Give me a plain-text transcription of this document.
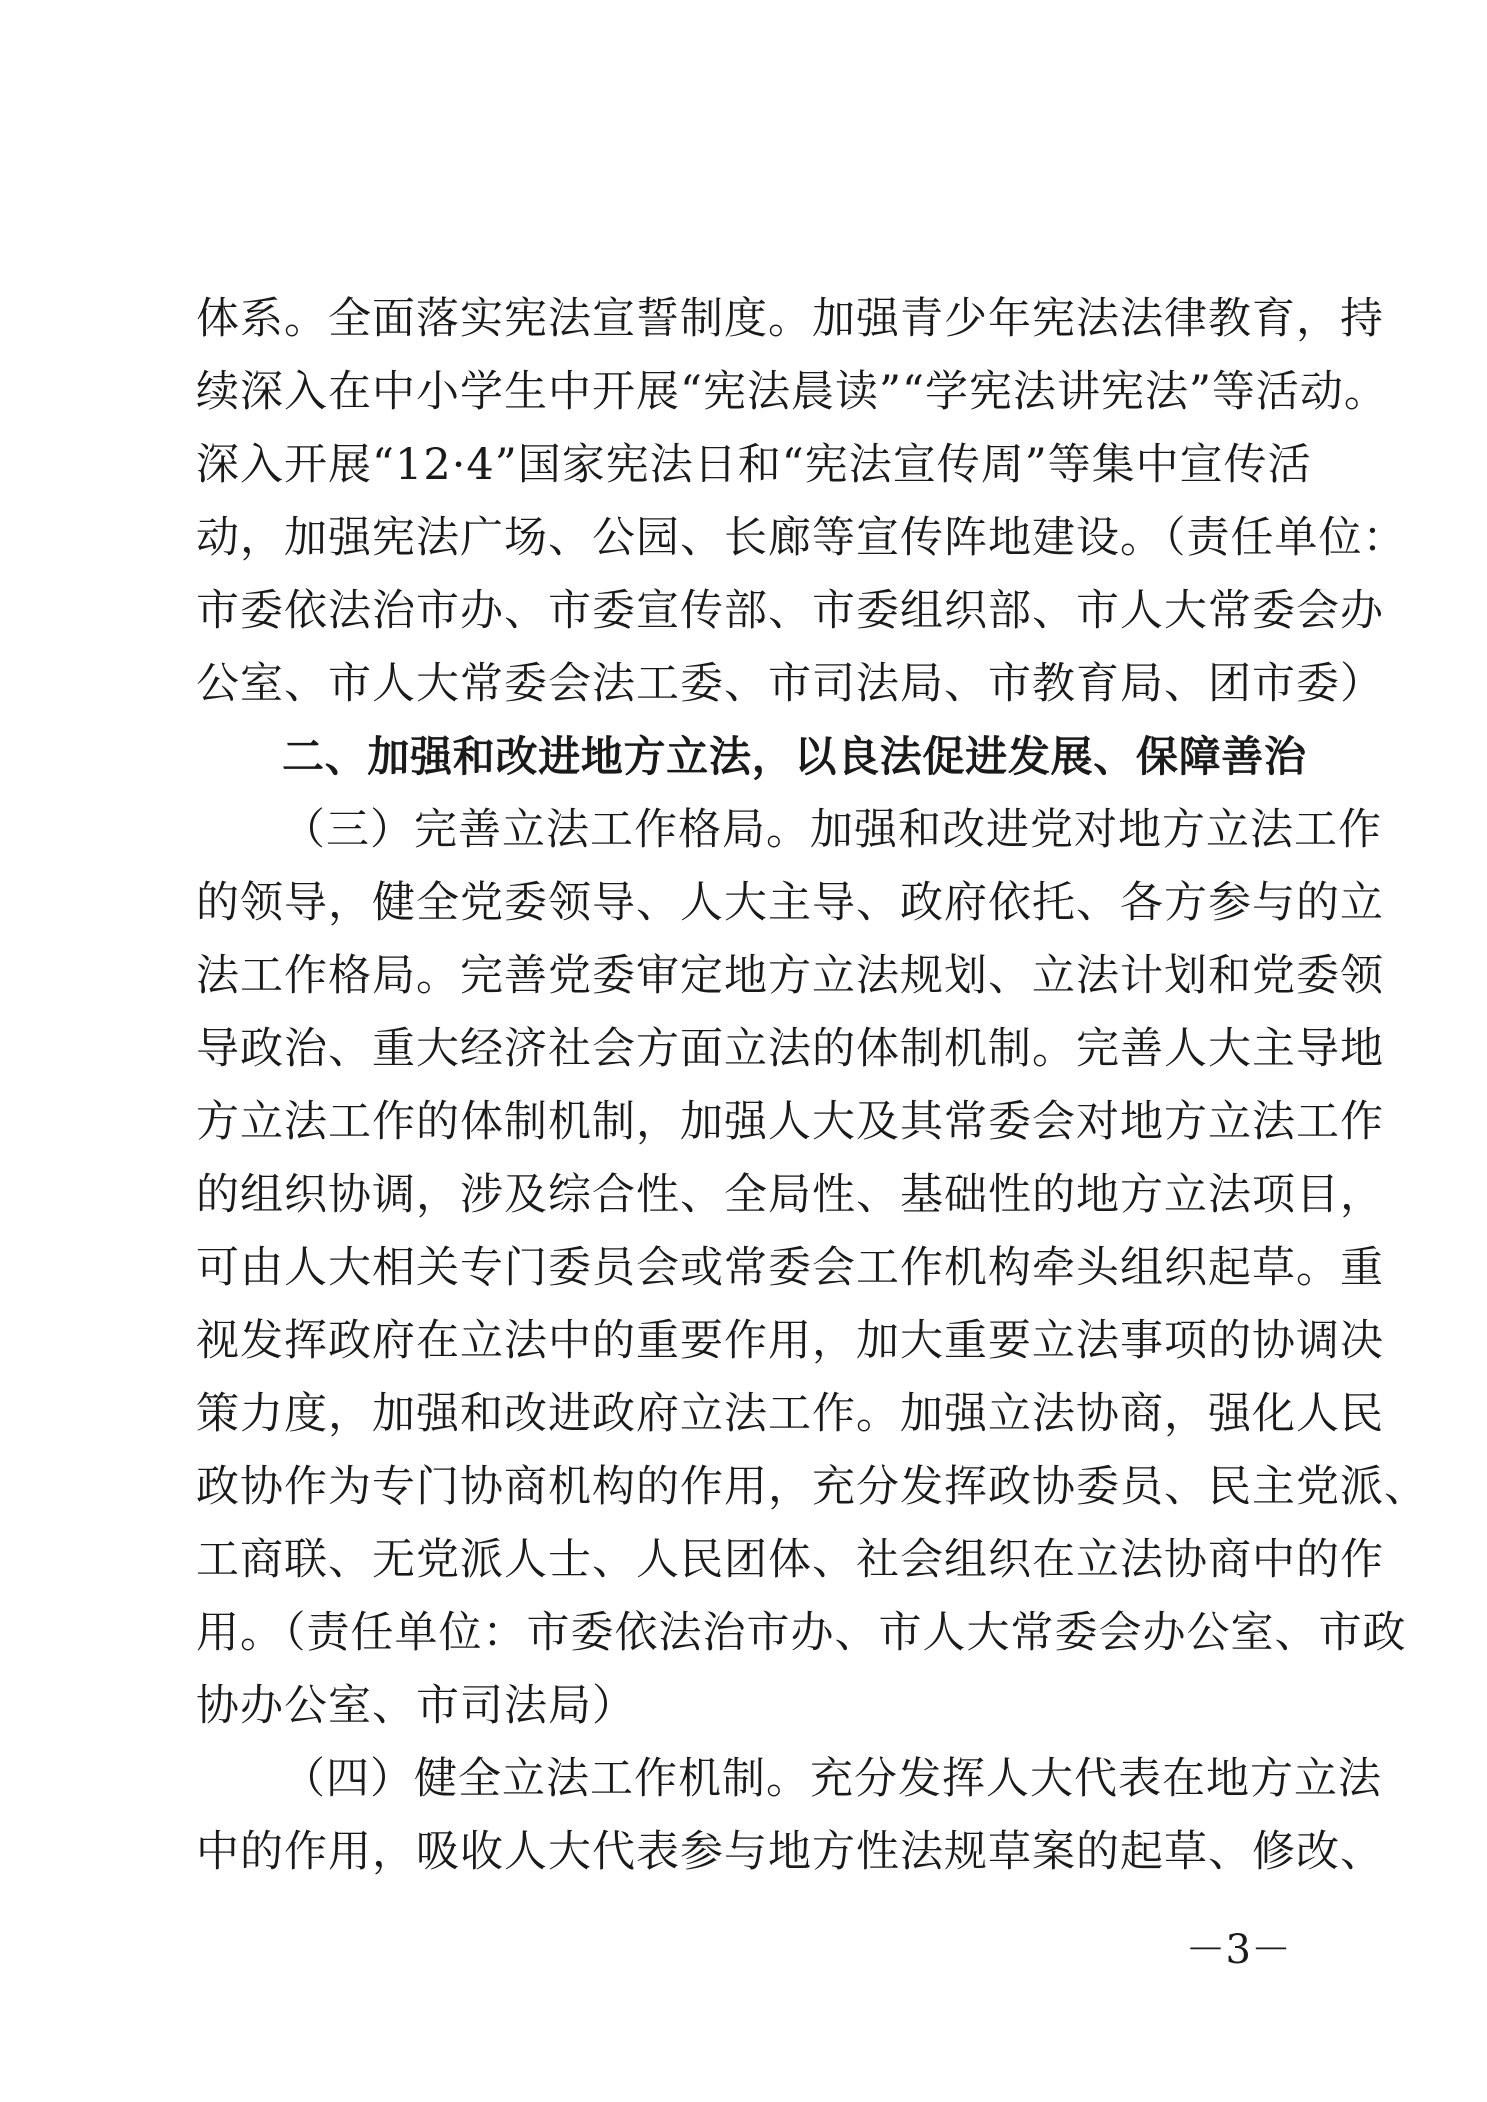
体系。全面落实宪法宣誓制度。加强青少年宪法法律教育，持
续深入在中小学生中开展“宪法晨读”“学宪法讲宪法”等活动。
深入开展“12·4”国家宪法日和“宪法宣传周”等集中宣传活
动，加强宪法广场、公园、长廊等宣传阵地建设。（责任单位：
市委依法治市办、市委宣传部、市委组织部、市人大常委会办
公室、市人大常委会法工委、市司法局、市教育局、团市委）
二、加强和改进地方立法，以良法促进发展、保障善治
（三）完善立法工作格局。加强和改进党对地方立法工作
的领导，健全党委领导、人大主导、政府依托、各方参与的立
法工作格局。完善党委审定地方立法规划、立法计划和党委领
导政治、重大经济社会方面立法的体制机制。完善人大主导地
方立法工作的体制机制，加强人大及其常委会对地方立法工作
的组织协调，涉及综合性、全局性、基础性的地方立法项目，
可由人大相关专门委员会或常委会工作机构牵头组织起草。重
视发挥政府在立法中的重要作用，加大重要立法事项的协调决
策力度，加强和改进政府立法工作。加强立法协商，强化人民
政协作为专门协商机构的作用，充分发挥政协委员、民主党派、
工商联、无党派人士、人民团体、社会组织在立法协商中的作
用。（责任单位：市委依法治市办、市人大常委会办公室、市政
协办公室、市司法局）
（四）健全立法工作机制。充分发挥人大代表在地方立法
中的作用，吸收人大代表参与地方性法规草案的起草、修改、
－3－
